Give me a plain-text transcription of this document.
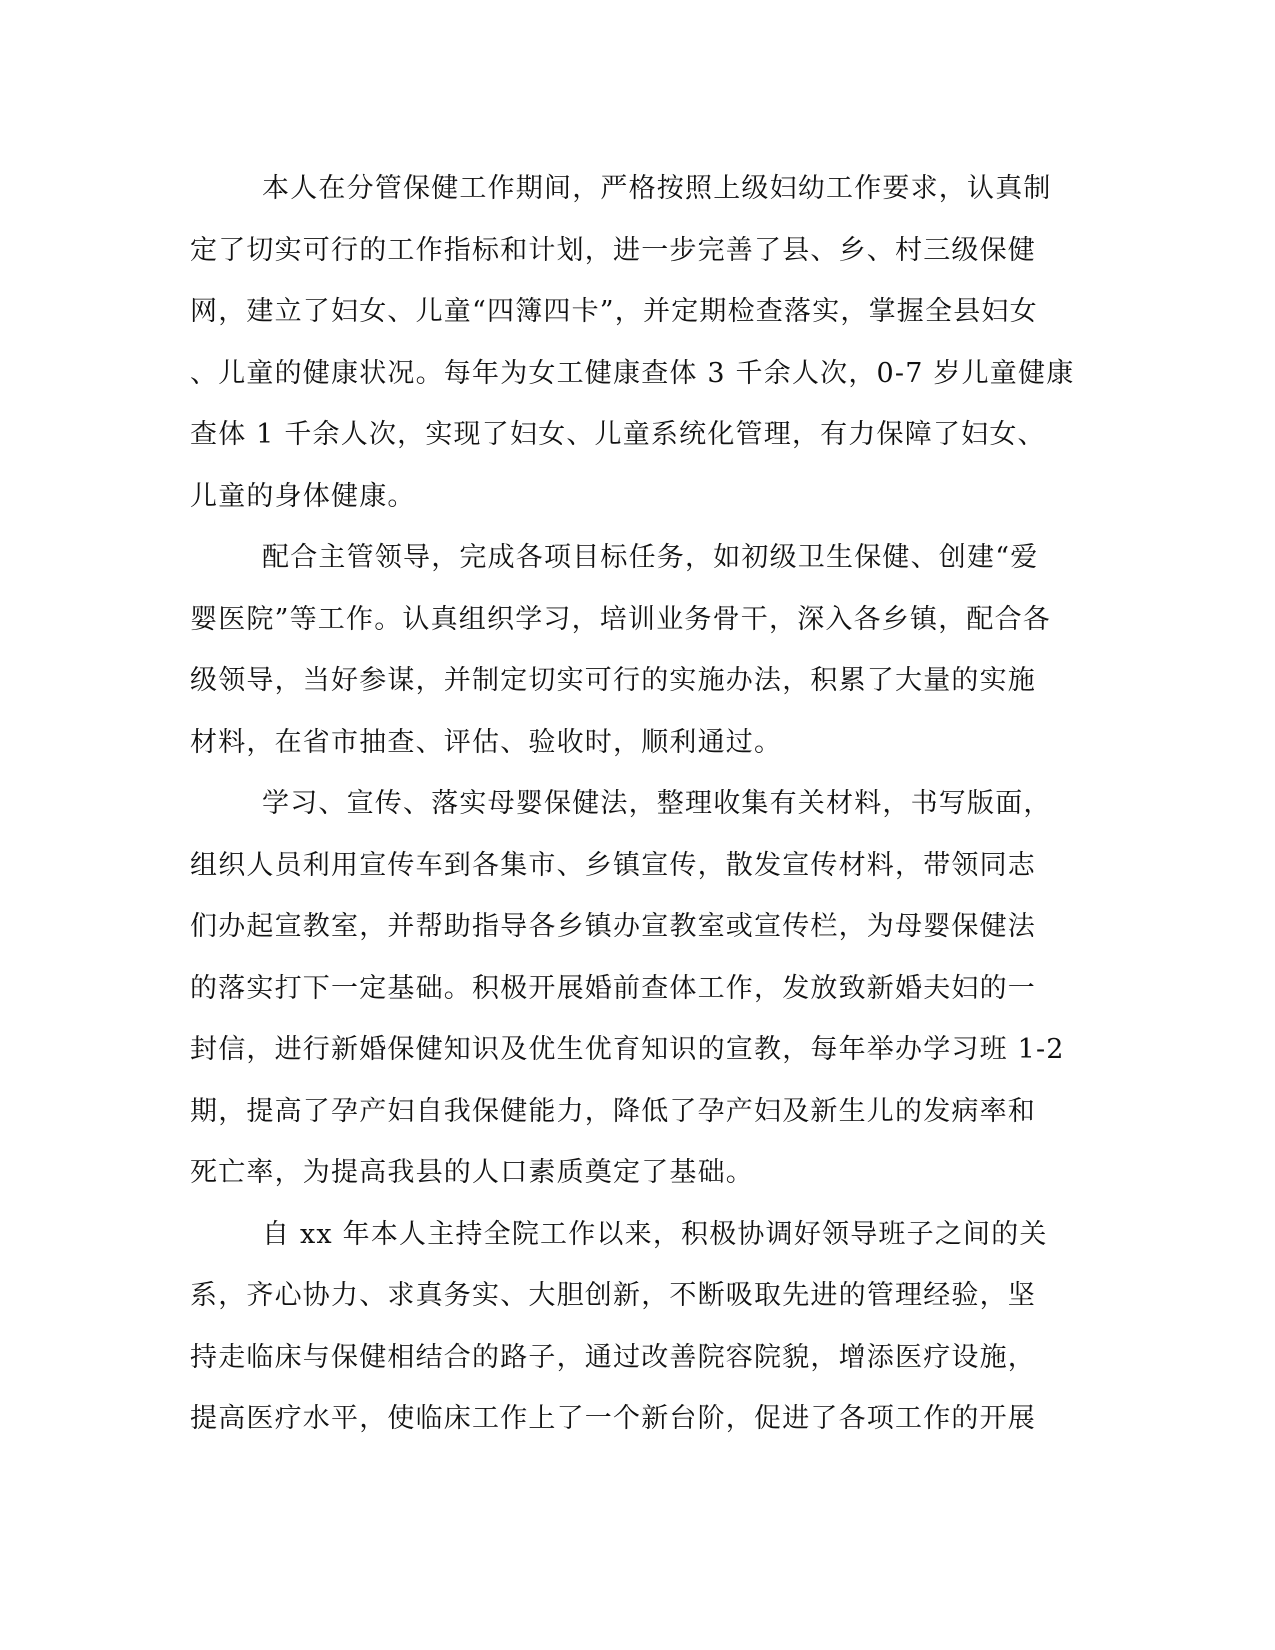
本人在分管保健工作期间，严格按照上级妇幼工作要求，认真制
定了切实可行的工作指标和计划，进一步完善了县、乡、村三级保健
网，建立了妇女、儿童“四簿四卡”，并定期检查落实，掌握全县妇女
、儿童的健康状况。每年为女工健康查体 3 千余人次，0-7 岁儿童健康
查体 1 千余人次，实现了妇女、儿童系统化管理，有力保障了妇女、
儿童的身体健康。
配合主管领导，完成各项目标任务，如初级卫生保健、创建“爱
婴医院”等工作。认真组织学习，培训业务骨干，深入各乡镇，配合各
级领导，当好参谋，并制定切实可行的实施办法，积累了大量的实施
材料，在省市抽查、评估、验收时，顺利通过。
学习、宣传、落实母婴保健法，整理收集有关材料，书写版面，
组织人员利用宣传车到各集市、乡镇宣传，散发宣传材料，带领同志
们办起宣教室，并帮助指导各乡镇办宣教室或宣传栏，为母婴保健法
的落实打下一定基础。积极开展婚前查体工作，发放致新婚夫妇的一
封信，进行新婚保健知识及优生优育知识的宣教，每年举办学习班 1-2
期，提高了孕产妇自我保健能力，降低了孕产妇及新生儿的发病率和
死亡率，为提高我县的人口素质奠定了基础。
自 xx 年本人主持全院工作以来，积极协调好领导班子之间的关
系，齐心协力、求真务实、大胆创新，不断吸取先进的管理经验，坚
持走临床与保健相结合的路子，通过改善院容院貌，增添医疗设施，
提高医疗水平，使临床工作上了一个新台阶，促进了各项工作的开展
